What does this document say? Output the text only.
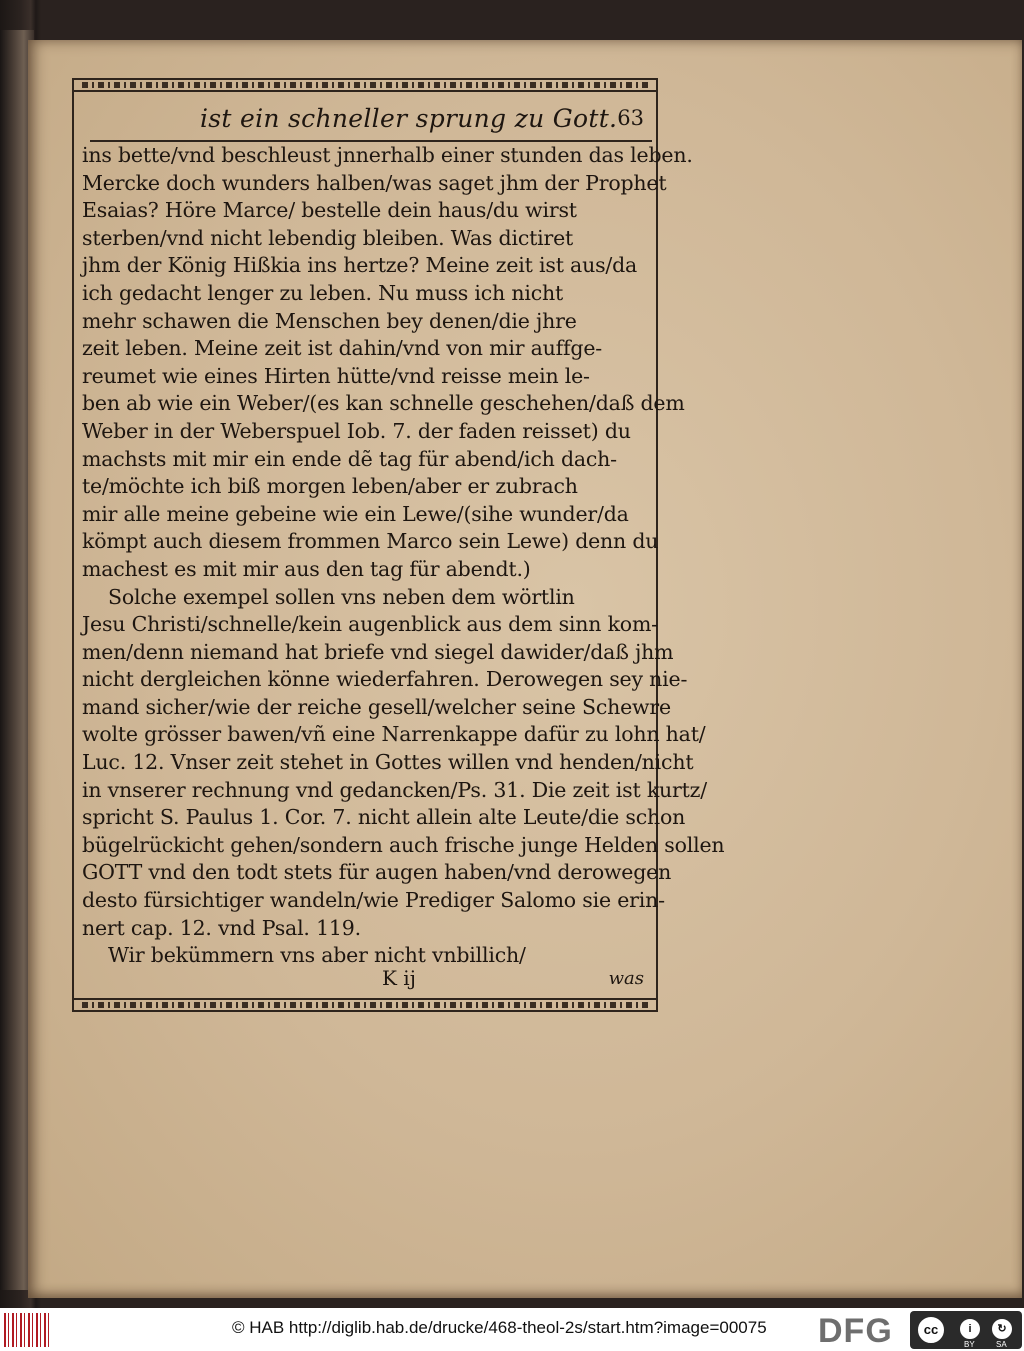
ist ein schneller sprung zu Gott. 63
ins bette/vnd beschleust jnnerhalb einer stunden das leben.
Mercke doch wunders halben/was saget jhm der Prophet
Esaias? Höre Marce/ bestelle dein haus/du wirst
sterben/vnd nicht lebendig bleiben. Was dictiret
jhm der König Hißkia ins hertze? Meine zeit ist aus/da
ich gedacht lenger zu leben. Nu muss ich nicht
mehr schawen die Menschen bey denen/die jhre
zeit leben. Meine zeit ist dahin/vnd von mir auffge-
reumet wie eines Hirten hütte/vnd reisse mein le-
ben ab wie ein Weber/(es kan schnelle geschehen/daß dem
Weber in der Weberspuel Iob. 7. der faden reisset) du
machsts mit mir ein ende dẽ tag für abend/ich dach-
te/möchte ich biß morgen leben/aber er zubrach
mir alle meine gebeine wie ein Lewe/(sihe wunder/da
kömpt auch diesem frommen Marco sein Lewe) denn du
machest es mit mir aus den tag für abendt.)
Solche exempel sollen vns neben dem wörtlin
Jesu Christi/schnelle/kein augenblick aus dem sinn kom-
men/denn niemand hat briefe vnd siegel dawider/daß jhm
nicht dergleichen könne wiederfahren. Derowegen sey nie-
mand sicher/wie der reiche gesell/welcher seine Schewre
wolte grösser bawen/vñ eine Narrenkappe dafür zu lohn hat/
Luc. 12. Vnser zeit stehet in Gottes willen vnd henden/nicht
in vnserer rechnung vnd gedancken/Ps. 31. Die zeit ist kurtz/
spricht S. Paulus 1. Cor. 7. nicht allein alte Leute/die schon
bügelrückicht gehen/sondern auch frische junge Helden sollen
GOTT vnd den todt stets für augen haben/vnd derowegen
desto fürsichtiger wandeln/wie Prediger Salomo sie erin-
nert cap. 12. vnd Psal. 119.
Wir bekümmern vns aber nicht vnbillich/
K ij	was
© HAB http://diglib.hab.de/drucke/468-theol-2s/start.htm?image=00075 DFG	cc	i	↻
BY	SA
